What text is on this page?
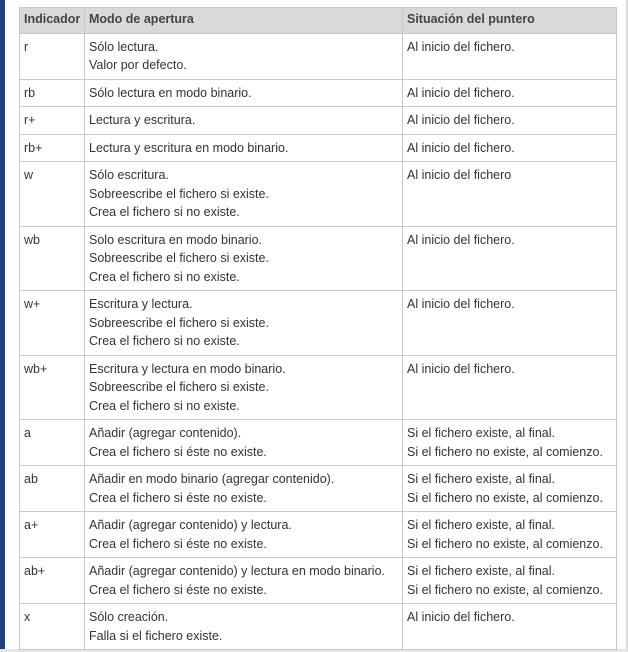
Indicador	Modo de apertura	Situación del puntero
r	Sólo lectura.
Valor por defecto.	Al inicio del fichero.

rb	Sólo lectura en modo binario.	Al inicio del fichero.

r+	Lectura y escritura.	Al inicio del fichero.

rb+	Lectura y escritura en modo binario.	Al inicio del fichero.

w	Sólo escritura.
Sobreescribe el fichero si existe.
Crea el fichero si no existe.	Al inicio del fichero

wb	Solo escritura en modo binario.
Sobreescribe el fichero si existe.
Crea el fichero si no existe.	Al inicio del fichero.

w+	Escritura y lectura.
Sobreescribe el fichero si existe.
Crea el fichero si no existe.	Al inicio del fichero.

wb+	Escritura y lectura en modo binario.
Sobreescribe el fichero si existe.
Crea el fichero si no existe.	Al inicio del fichero.

a	Añadir (agregar contenido).
Crea el fichero si éste no existe.	Si el fichero existe, al final.
Si el fichero no existe, al comienzo.

ab	Añadir en modo binario (agregar contenido).
Crea el fichero si éste no existe.	Si el fichero existe, al final.
Si el fichero no existe, al comienzo.

a+	Añadir (agregar contenido) y lectura.
Crea el fichero si éste no existe.	Si el fichero existe, al final.
Si el fichero no existe, al comienzo.

ab+	Añadir (agregar contenido) y lectura en modo binario.
Crea el fichero si éste no existe.	Si el fichero existe, al final.
Si el fichero no existe, al comienzo.

x	Sólo creación.
Falla si el fichero existe.	Al inicio del fichero.
